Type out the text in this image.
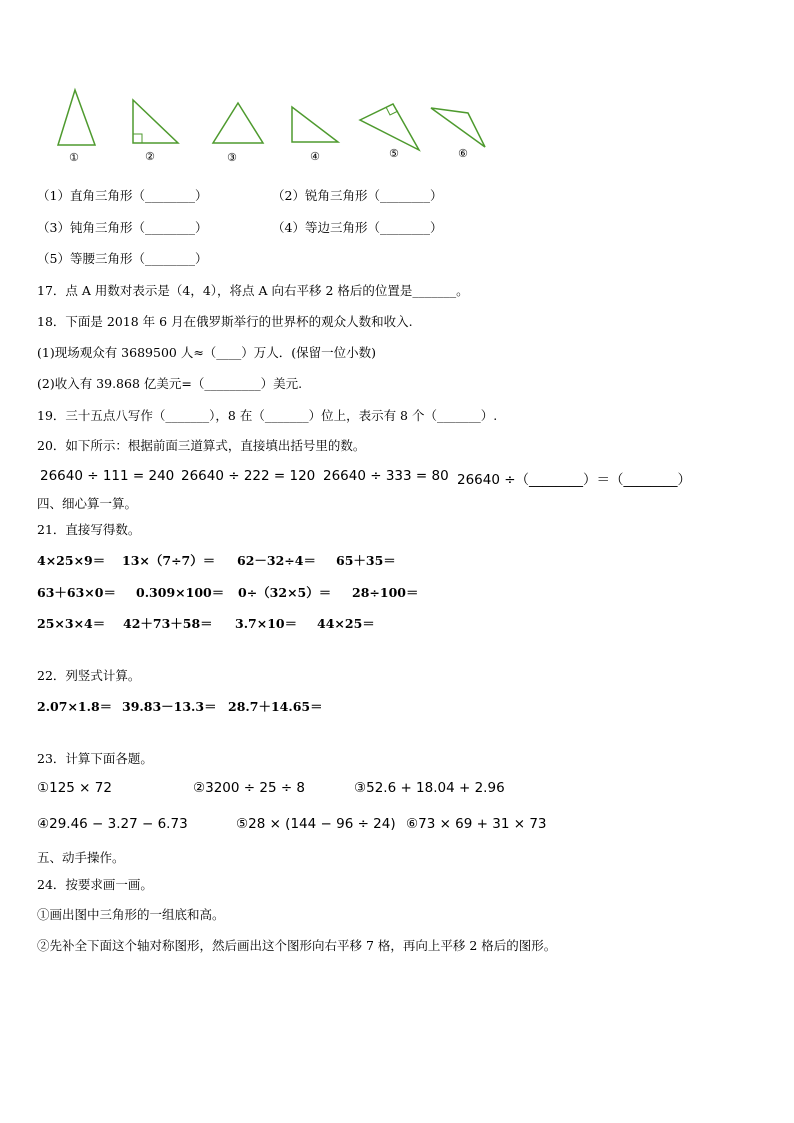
①	②	③	④	⑤	⑥
（1）直角三角形（________）	（2）锐角三角形（________）
（3）钝角三角形（________）	（4）等边三角形（________）
（5）等腰三角形（________）
17．点 A 用数对表示是（4，4），将点 A 向右平移 2 格后的位置是_______。
18．下面是 2018 年 6 月在俄罗斯举行的世界杯的观众人数和收入.
(1)现场观众有 3689500 人≈（____）万人．(保留一位小数)
(2)收入有 39.868 亿美元=（_________）美元.
19．三十五点八写作（_______），8 在（_______）位上，表示有 8 个（_______）.
20．如下所示：根据前面三道算式，直接填出括号里的数。
26640 ÷ 111 = 240 26640 ÷ 222 = 120 26640 ÷ 333 = 80 26640 ÷（________）＝（________）
四、细心算一算。
21．直接写得数。
4×25×9＝ 13×（7÷7）＝ 62－32÷4＝ 65＋35＝
63＋63×0＝ 0.309×100＝ 0÷（32×5）＝ 28÷100＝
25×3×4＝ 42＋73＋58＝ 3.7×10＝ 44×25＝
22．列竖式计算。
2.07×1.8＝ 39.83－13.3＝ 28.7＋14.65＝
23．计算下面各题。
①125 × 72	②3200 ÷ 25 ÷ 8	③52.6 + 18.04 + 2.96
④29.46 − 3.27 − 6.73	⑤28 × (144 − 96 ÷ 24) ⑥73 × 69 + 31 × 73
五、动手操作。
24．按要求画一画。
①画出图中三角形的一组底和高。
②先补全下面这个轴对称图形，然后画出这个图形向右平移 7 格，再向上平移 2 格后的图形。
